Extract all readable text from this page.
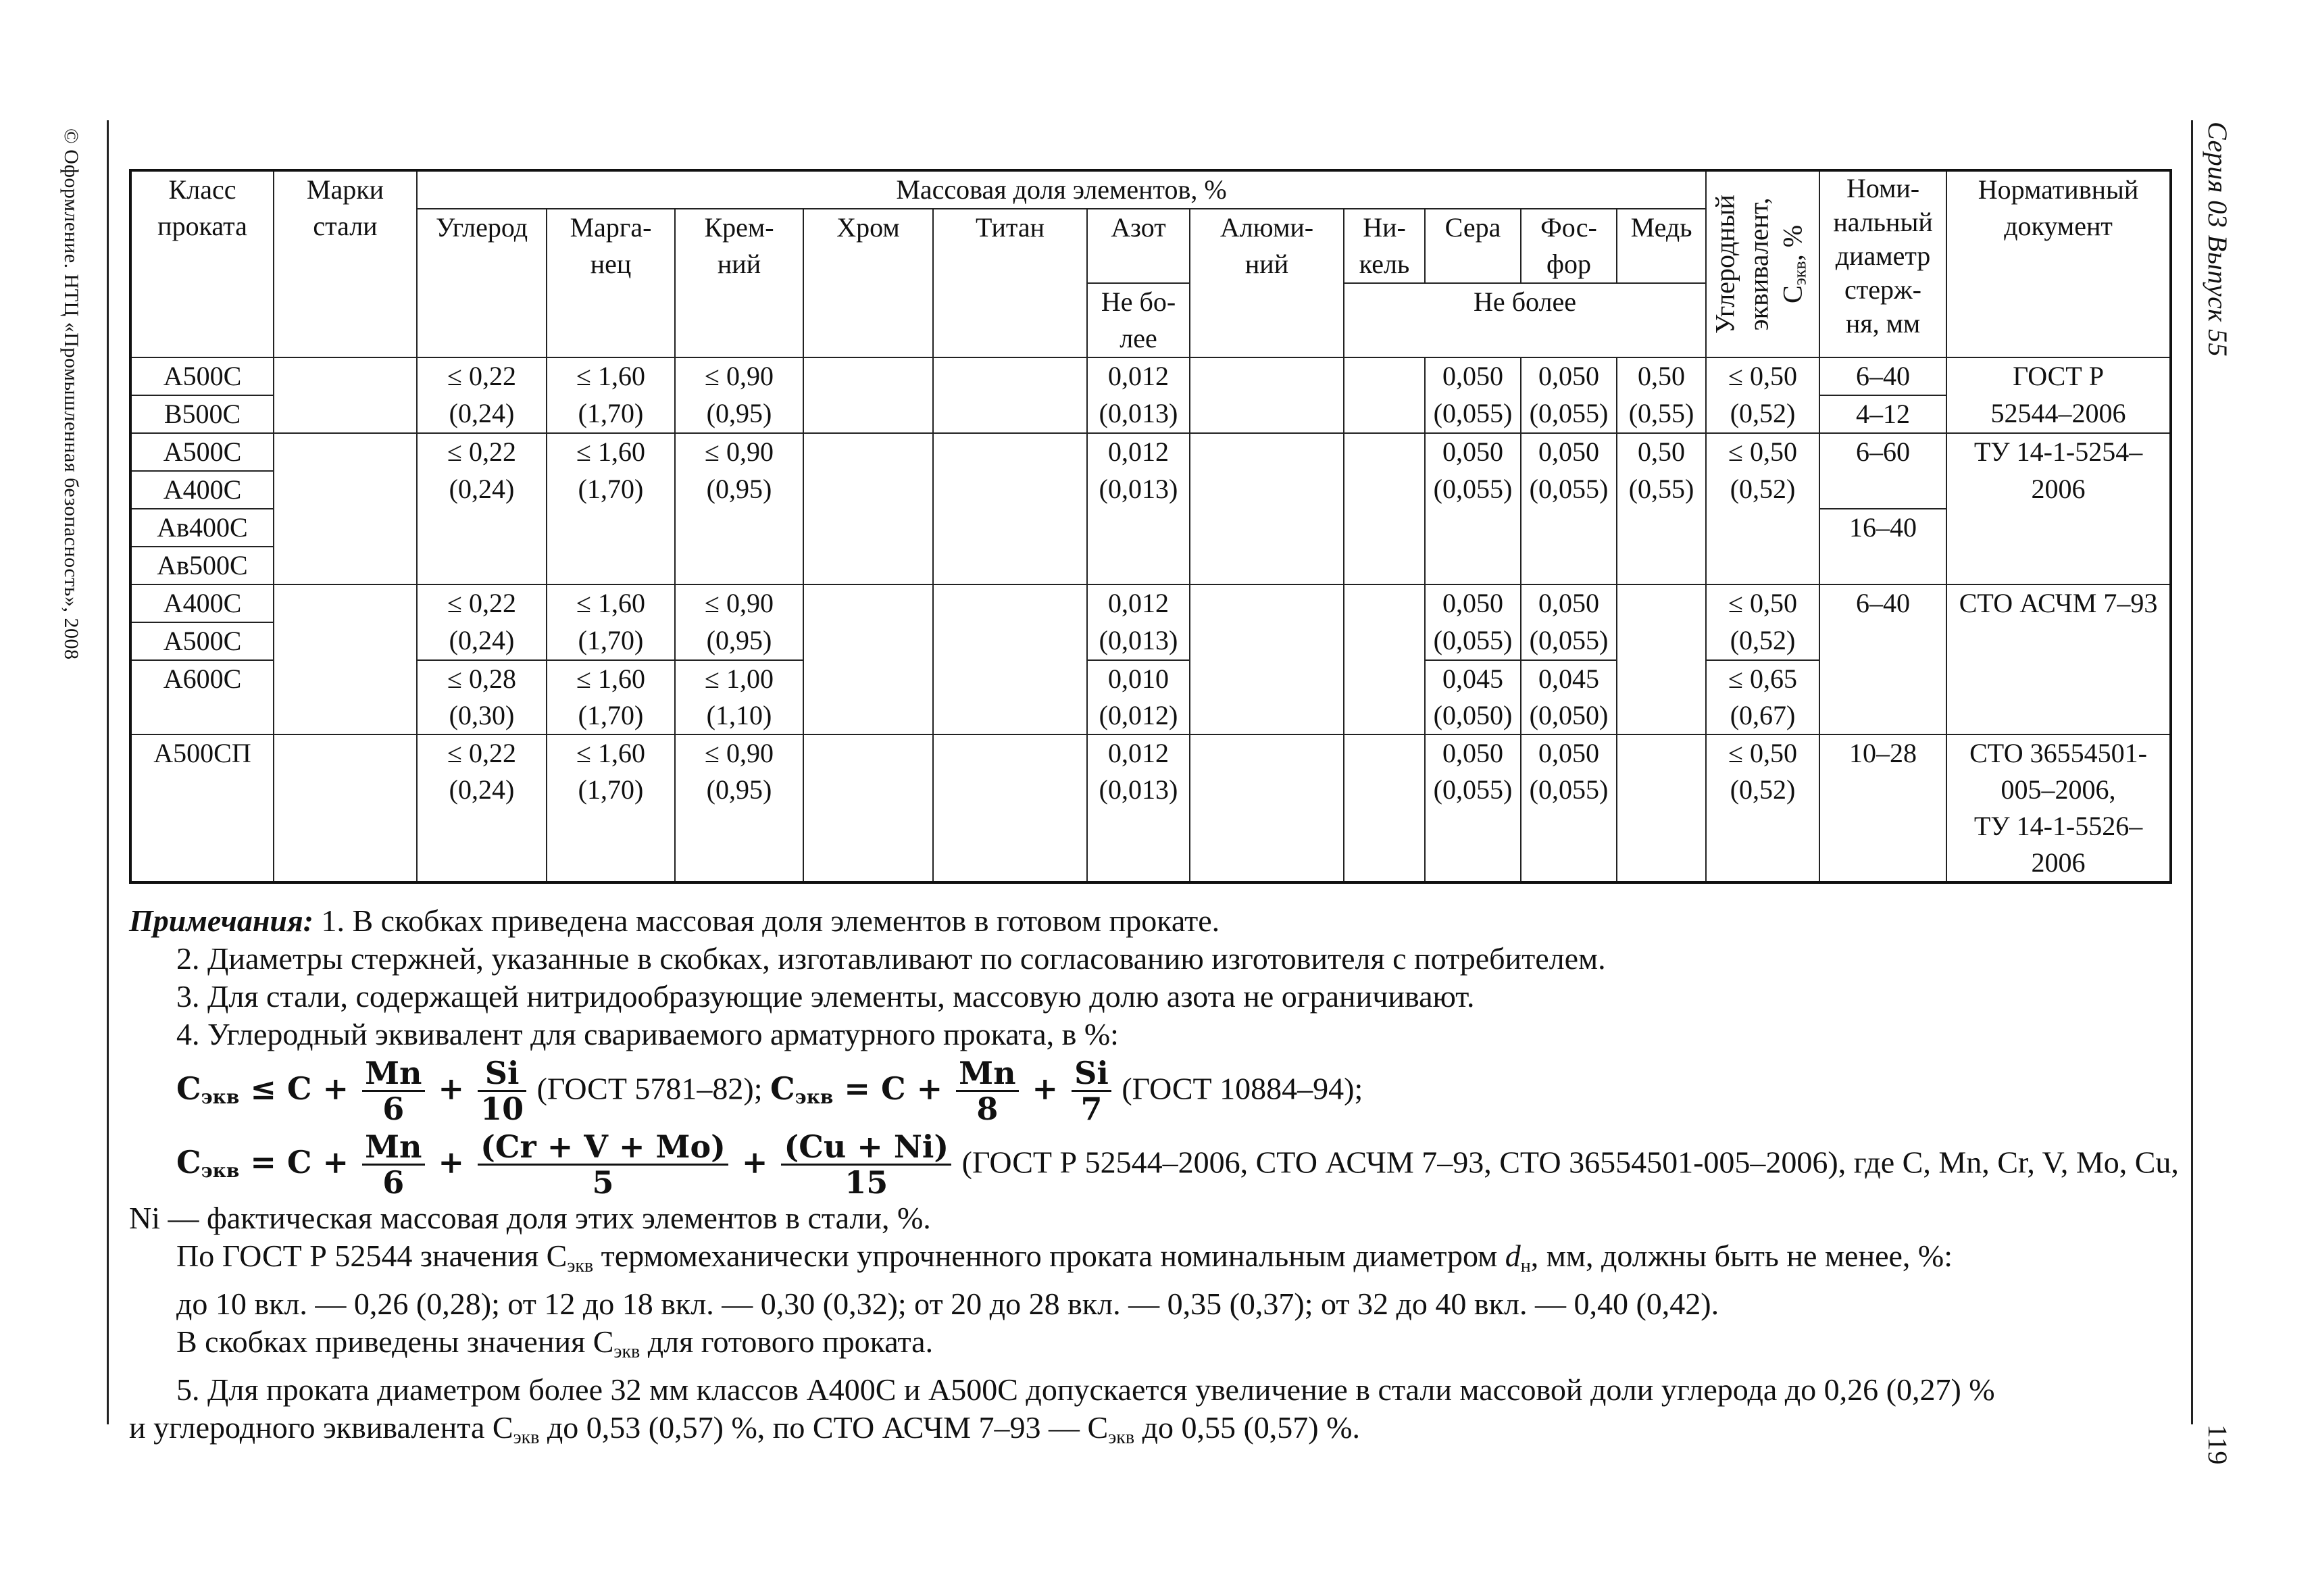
© Оформление. НТЦ «Промышленная безопасность», 2008	Серия 03 Выпуск 55
119
Класс
проката	Марки
стали	Массовая доля элементов, %											Углеродный эквивалент, $С_{экв}$, %	Номи-
нальный
диаметр
стерж-
ня, мм	Нормативный
документ
		Углерод	Марга-
нец	Крем-
ний	Хром	Титан	Азот	Алюми-
ний	Ни-
кель	Сера	Фос-
фор	Медь			
							Не бо-
лее		Не более						

А500С		≤ 0,22	≤ 1,60	≤ 0,90			0,012			0,050	0,050	0,50	≤ 0,50	6–40	ГОСТ Р
В500С		(0,24)	(1,70)	(0,95)			(0,013)			(0,055)	(0,055)	(0,55)	(0,52)	4–12	52544–2006
А500С		≤ 0,22	≤ 1,60	≤ 0,90			0,012			0,050	0,050	0,50	≤ 0,50	6–60	ТУ 14-1-5254–
А400С		(0,24)	(1,70)	(0,95)			(0,013)			(0,055)	(0,055)	(0,55)	(0,52)		2006
Ав400С														16–40	
Ав500С															
А400С		≤ 0,22	≤ 1,60	≤ 0,90			0,012			0,050	0,050		≤ 0,50	6–40	СТО АСЧМ 7–93
А500С		(0,24)	(1,70)	(0,95)			(0,013)			(0,055)	(0,055)		(0,52)		
А600С		≤ 0,28	≤ 1,60	≤ 1,00			0,010			0,045	0,045		≤ 0,65		
		(0,30)	(1,70)	(1,10)			(0,012)			(0,050)	(0,050)		(0,67)		
А500СП		≤ 0,22	≤ 1,60	≤ 0,90			0,012			0,050	0,050		≤ 0,50	10–28	СТО 36554501-
		(0,24)	(1,70)	(0,95)			(0,013)			(0,055)	(0,055)		(0,52)		005–2006,
															ТУ 14-1-5526–
															2006

Примечания: 1. В скобках приведена массовая доля элементов в готовом прокате.

2. Диаметры стержней, указанные в скобках, изготавливают по согласованию изготовителя с потребителем.

3. Для стали, содержащей нитридообразующие элементы, массовую долю азота не ограничивают.

4. Углеродный эквивалент для свариваемого арматурного проката, в %:

Сэкв ≤ $C + \frac{Mn}{6} + \frac{Si}{10}$ (ГОСТ 5781–82); Сэкв = $C + \frac{Mn}{8} + \frac{Si}{7}$ (ГОСТ 10884–94);

Сэкв = $C + \frac{Mn}{6} + \frac{(Cr + V + Mo)}{5} + \frac{(Cu + Ni)}{15}$ (ГОСТ Р 52544–2006, СТО АСЧМ 7–93, СТО 36554501-005–2006), где C, Mn, Cr, V, Mo, Cu,

Ni — фактическая массовая доля этих элементов в стали, %.

По ГОСТ Р 52544 значения Сэкв термомеханически упрочненного проката номинальным диаметром dн, мм, должны быть не менее, %:

до 10 вкл. — 0,26 (0,28); от 12 до 18 вкл. — 0,30 (0,32); от 20 до 28 вкл. — 0,35 (0,37); от 32 до 40 вкл. — 0,40 (0,42).

В скобках приведены значения Сэкв для готового проката.

5. Для проката диаметром более 32 мм классов А400С и А500С допускается увеличение в стали массовой доли углерода до 0,26 (0,27) %

и углеродного эквивалента Сэкв до 0,53 (0,57) %, по СТО АСЧМ 7–93 — Сэкв до 0,55 (0,57) %.
